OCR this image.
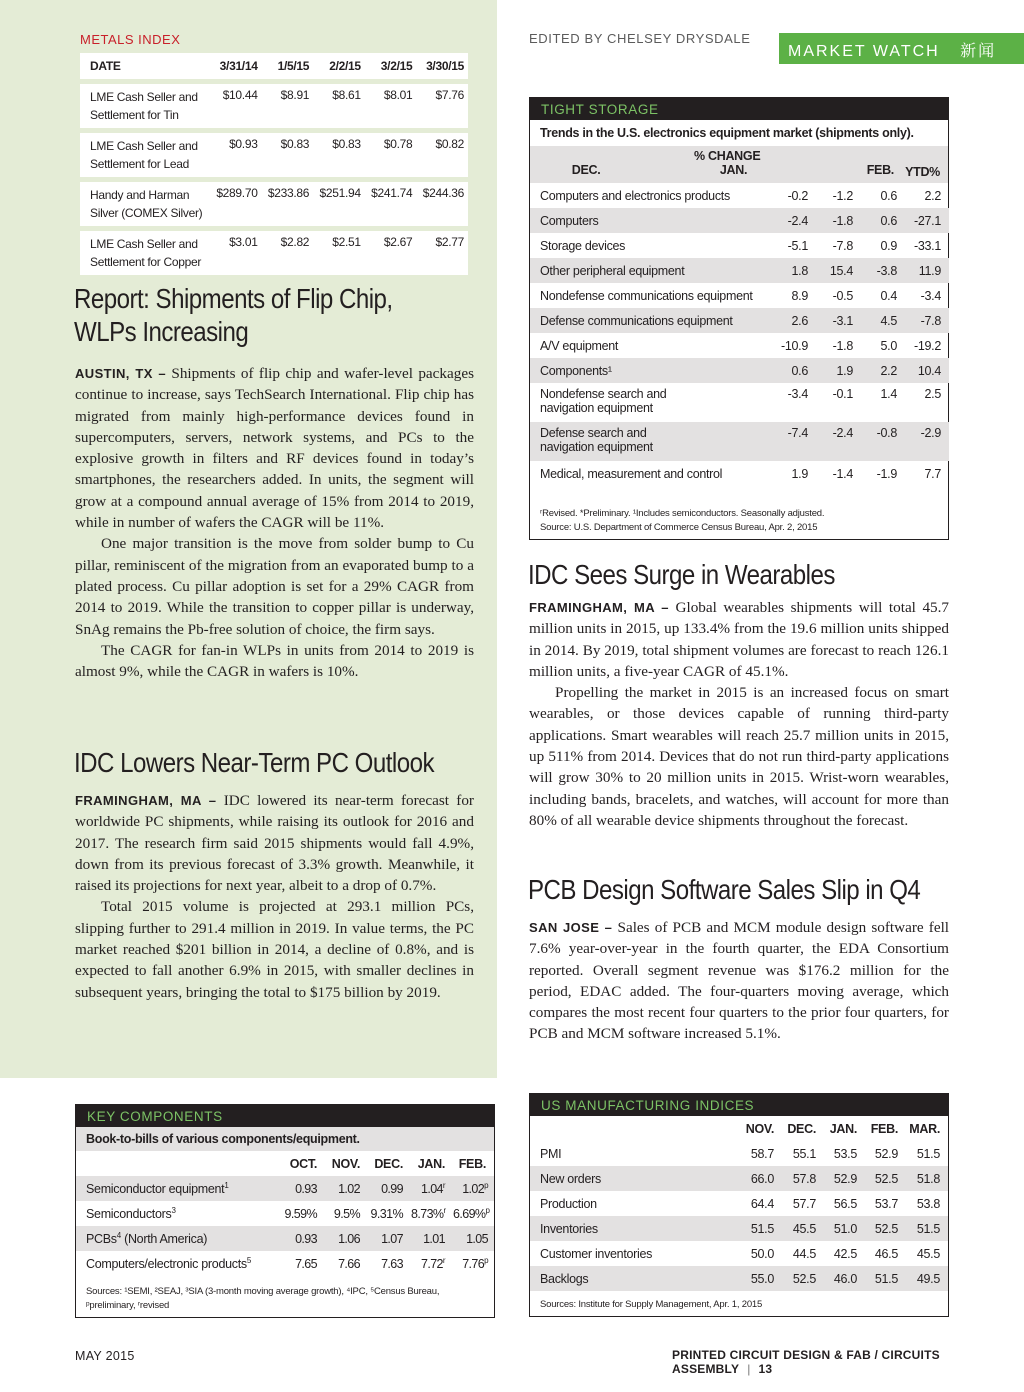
METALS INDEX
DATE	3/31/14	1/5/15	2/2/15	3/2/15	3/30/15
LME Cash Seller and Settlement for Tin	$10.44	$8.91	$8.61	$8.01	$7.76
LME Cash Seller and Settlement for Lead	$0.93	$0.83	$0.83	$0.78	$0.82
Handy and Harman Silver (COMEX Silver)	$289.70	$233.86	$251.94	$241.74	$244.36
LME Cash Seller and Settlement for Copper	$3.01	$2.82	$2.51	$2.67	$2.77
Report: Shipments of Flip Chip,
WLPs Increasing

AUSTIN, TX – Shipments of flip chip and wafer-level packages continue to increase, says TechSearch International. Flip chip has migrated from mainly high-performance devices found in supercomputers, servers, network systems, and PCs to the explosive growth in filters and RF devices found in today’s smartphones, the researchers added. In units, the segment will grow at a compound annual average of 15% from 2014 to 2019, while in number of wafers the CAGR will be 11%.

One major transition is the move from solder bump to Cu pillar, reminiscent of the migration from an evaporated bump to a plated process. Cu pillar adoption is set for a 29% CAGR from 2014 to 2019. While the transition to copper pillar is underway, SnAg remains the Pb-free solution of choice, the firm says.

The CAGR for fan-in WLPs in units from 2014 to 2019 is almost 9%, while the CAGR in wafers is 10%.

IDC Lowers Near-Term PC Outlook

FRAMINGHAM, MA – IDC lowered its near-term forecast for worldwide PC shipments, while raising its outlook for 2016 and 2017. The research firm said 2015 shipments would fall 4.9%, down from its previous forecast of 3.3% growth. Meanwhile, it raised its projections for next year, albeit to a drop of 0.7%.

Total 2015 volume is projected at 293.1 million PCs, slipping further to 291.4 million in 2019. In value terms, the PC market reached $201 billion in 2014, a decline of 0.8%, and is expected to fall another 6.9% in 2015, with smaller declines in subsequent years, bringing the total to $175 billion by 2019.

EDITED BY CHELSEY DRYSDALE
MARKET WATCH 新闻
TIGHT STORAGE
Trends in the U.S. electronics equipment market (shipments only).

% CHANGE
DEC.	JAN.	FEB.	YTD%
Computers and electronics products	-0.2	-1.2	0.6	2.2
Computers	-2.4	-1.8	0.6	-27.1
Storage devices	-5.1	-7.8	0.9	-33.1
Other peripheral equipment	1.8	15.4	-3.8	11.9
Nondefense communications equipment	8.9	-0.5	0.4	-3.4
Defense communications equipment	2.6	-3.1	4.5	-7.8
A/V equipment	-10.9	-1.8	5.0	-19.2
Components¹	0.6	1.9	2.2	10.4
Nondefense search and navigation equipment	-3.4	-0.1	1.4	2.5
Defense search and navigation equipment	-7.4	-2.4	-0.8	-2.9
Medical, measurement and control	1.9	-1.4	-1.9	7.7
ʳRevised. *Preliminary. ¹Includes semiconductors. Seasonally adjusted.
Source: U.S. Department of Commerce Census Bureau, Apr. 2, 2015
IDC Sees Surge in Wearables

FRAMINGHAM, MA – Global wearables shipments will total 45.7 million units in 2015, up 133.4% from the 19.6 million units shipped in 2014. By 2019, total shipment volumes are forecast to reach 126.1 million units, a five-year CAGR of 45.1%.

Propelling the market in 2015 is an increased focus on smart wearables, or those devices capable of running third-party applications. Smart wearables will reach 25.7 million units in 2015, up 511% from 2014. Devices that do not run third-party applications will grow 30% to 20 million units in 2015. Wrist-worn wearables, including bands, bracelets, and watches, will account for more than 80% of all wearable device shipments throughout the forecast.

PCB Design Software Sales Slip in Q4

SAN JOSE – Sales of PCB and MCM module design software fell 7.6% year-over-year in the fourth quarter, the EDA Consortium reported. Overall segment revenue was $176.2 million for the period, EDAC added. The four-quarters moving average, which compares the most recent four quarters to the prior four quarters, for PCB and MCM software increased 5.1%.

KEY COMPONENTS
Book-to-bills of various components/equipment.
	OCT.	NOV.	DEC.	JAN.	FEB.
Semiconductor equipment$^1$	0.93	1.02	0.99	1.04$^r$	1.02$^p$
Semiconductors$^3$	9.59%	9.5%	9.31%	8.73%$^r$	6.69%$^p$
PCBs$^4$ (North America)	0.93	1.06	1.07	1.01	1.05
Computers/electronic products$^5$	7.65	7.66	7.63	7.72$^r$	7.76$^p$
Sources: ¹SEMI, ²SEAJ, ³SIA (3-month moving average growth), ⁴IPC, ⁵Census Bureau,
ᵖpreliminary, ʳrevised
US MANUFACTURING INDICES
	NOV.	DEC.	JAN.	FEB.	MAR.
PMI	58.7	55.1	53.5	52.9	51.5
New orders	66.0	57.8	52.9	52.5	51.8
Production	64.4	57.7	56.5	53.7	53.8
Inventories	51.5	45.5	51.0	52.5	51.5
Customer inventories	50.0	44.5	42.5	46.5	45.5
Backlogs	55.0	52.5	46.0	51.5	49.5
Sources: Institute for Supply Management, Apr. 1, 2015
MAY 2015	PRINTED CIRCUIT DESIGN & FAB / CIRCUITS ASSEMBLY | 13
